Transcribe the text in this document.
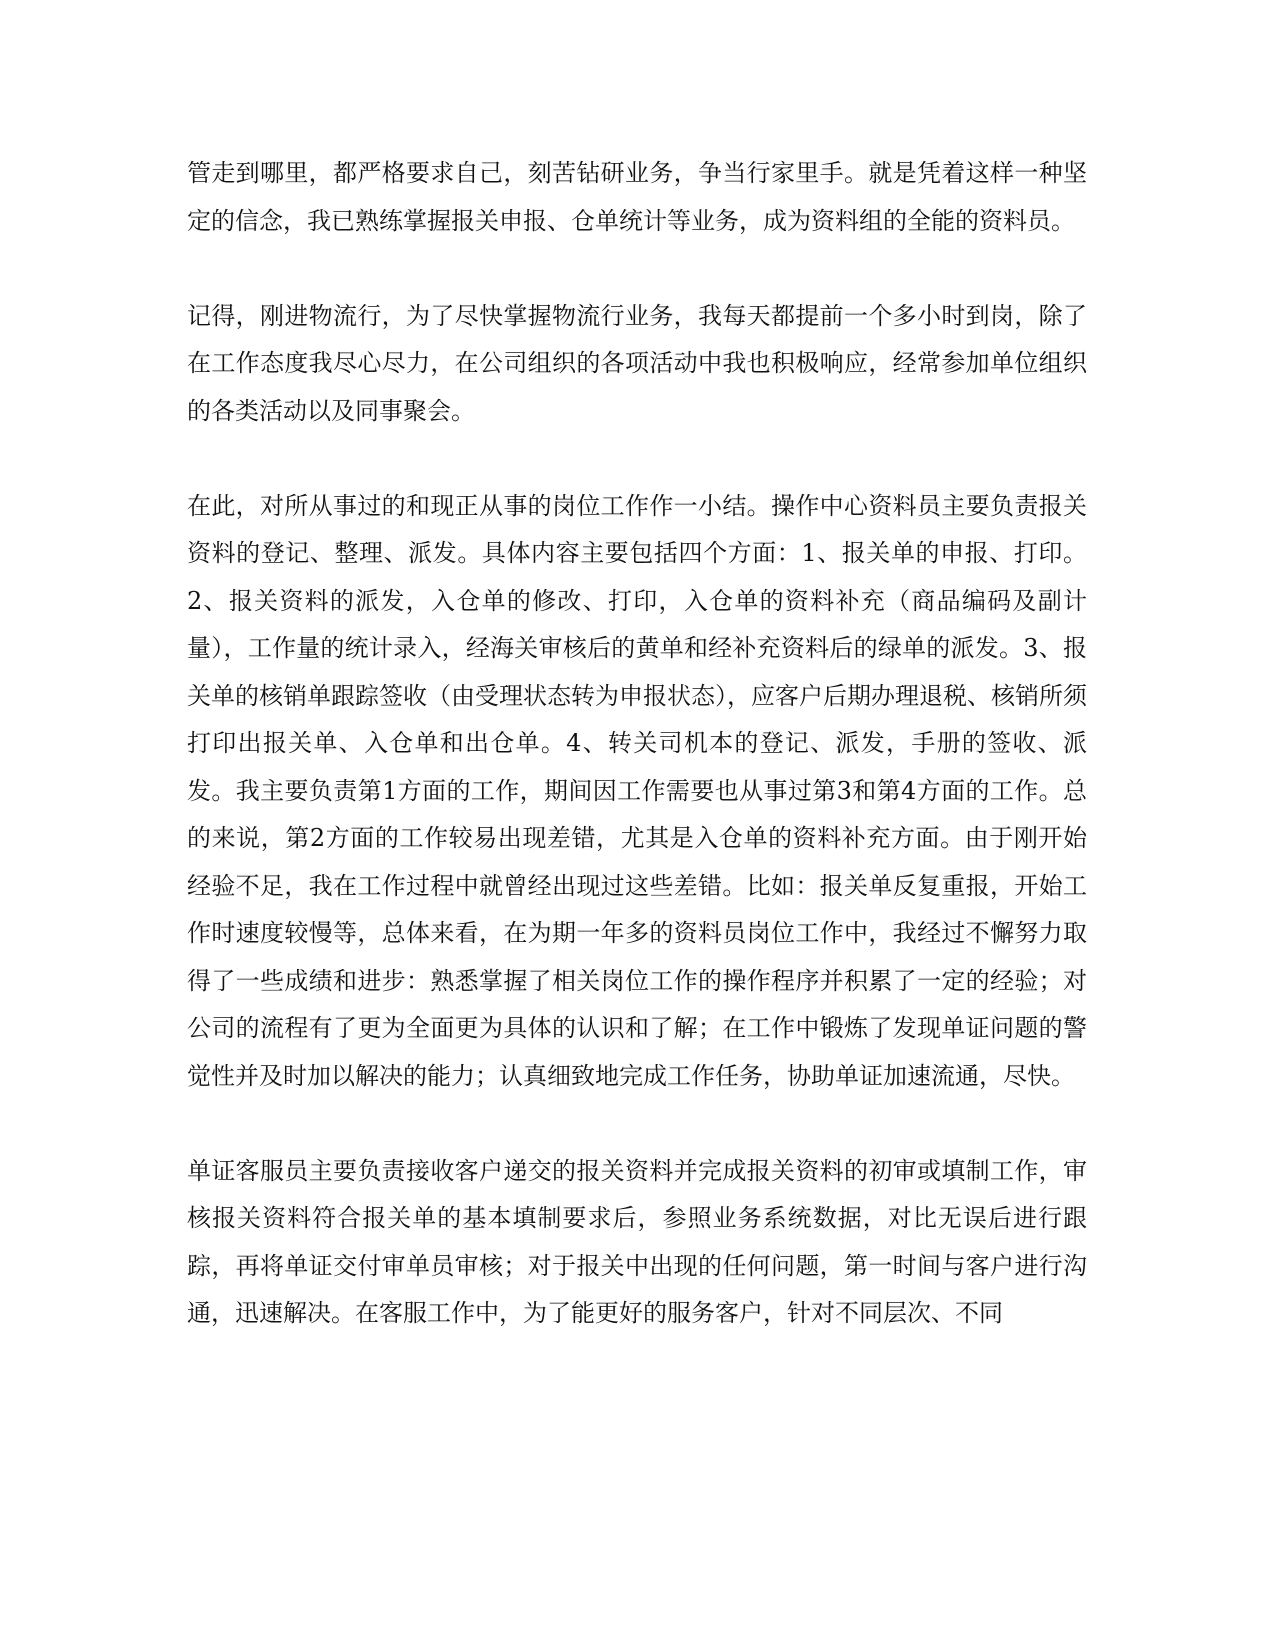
管走到哪里，都严格要求自己，刻苦钻研业务，争当行家里手。就是凭着这样一种坚定的信念，我已熟练掌握报关申报、仓单统计等业务，成为资料组的全能的资料员。

记得，刚进物流行，为了尽快掌握物流行业务，我每天都提前一个多小时到岗，除了在工作态度我尽心尽力，在公司组织的各项活动中我也积极响应，经常参加单位组织的各类活动以及同事聚会。

在此，对所从事过的和现正从事的岗位工作作一小结。操作中心资料员主要负责报关资料的登记、整理、派发。具体内容主要包括四个方面：1、报关单的申报、打印。2、报关资料的派发，入仓单的修改、打印，入仓单的资料补充（商品编码及副计量），工作量的统计录入，经海关审核后的黄单和经补充资料后的绿单的派发。3、报关单的核销单跟踪签收（由受理状态转为申报状态），应客户后期办理退税、核销所须打印出报关单、入仓单和出仓单。4、转关司机本的登记、派发，手册的签收、派发。我主要负责第1方面的工作，期间因工作需要也从事过第3和第4方面的工作。总的来说，第2方面的工作较易出现差错，尤其是入仓单的资料补充方面。由于刚开始经验不足，我在工作过程中就曾经出现过这些差错。比如：报关单反复重报，开始工作时速度较慢等，总体来看，在为期一年多的资料员岗位工作中，我经过不懈努力取得了一些成绩和进步：熟悉掌握了相关岗位工作的操作程序并积累了一定的经验；对公司的流程有了更为全面更为具体的认识和了解；在工作中锻炼了发现单证问题的警觉性并及时加以解决的能力；认真细致地完成工作任务，协助单证加速流通，尽快。

单证客服员主要负责接收客户递交的报关资料并完成报关资料的初审或填制工作，审核报关资料符合报关单的基本填制要求后，参照业务系统数据，对比无误后进行跟踪，再将单证交付审单员审核；对于报关中出现的任何问题，第一时间与客户进行沟通，迅速解决。在客服工作中，为了能更好的服务客户，针对不同层次、不同
